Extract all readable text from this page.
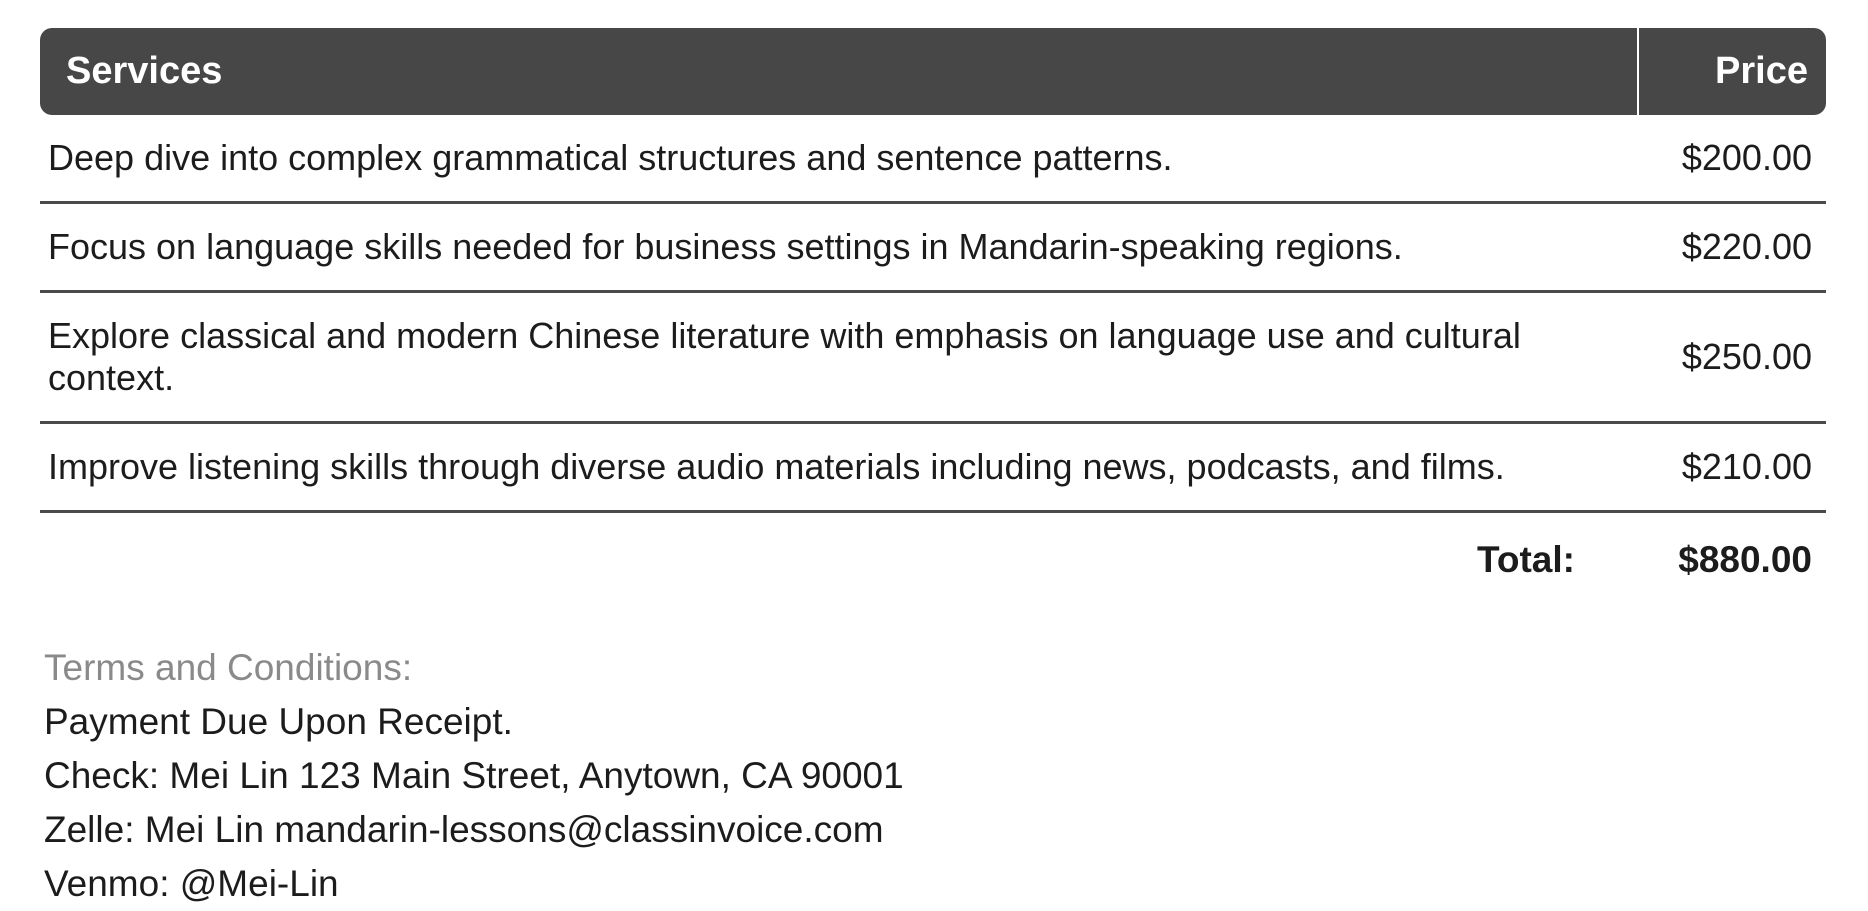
Services	Price
Deep dive into complex grammatical structures and sentence patterns.	$200.00
Focus on language skills needed for business settings in Mandarin-speaking regions.	$220.00
Explore classical and modern Chinese literature with emphasis on language use and cultural context.	$250.00
Improve listening skills through diverse audio materials including news, podcasts, and films.	$210.00
Total:	$880.00

Terms and Conditions:

Payment Due Upon Receipt.

Check: Mei Lin 123 Main Street, Anytown, CA 90001

Zelle: Mei Lin mandarin-lessons@classinvoice.com

Venmo: @Mei-Lin
